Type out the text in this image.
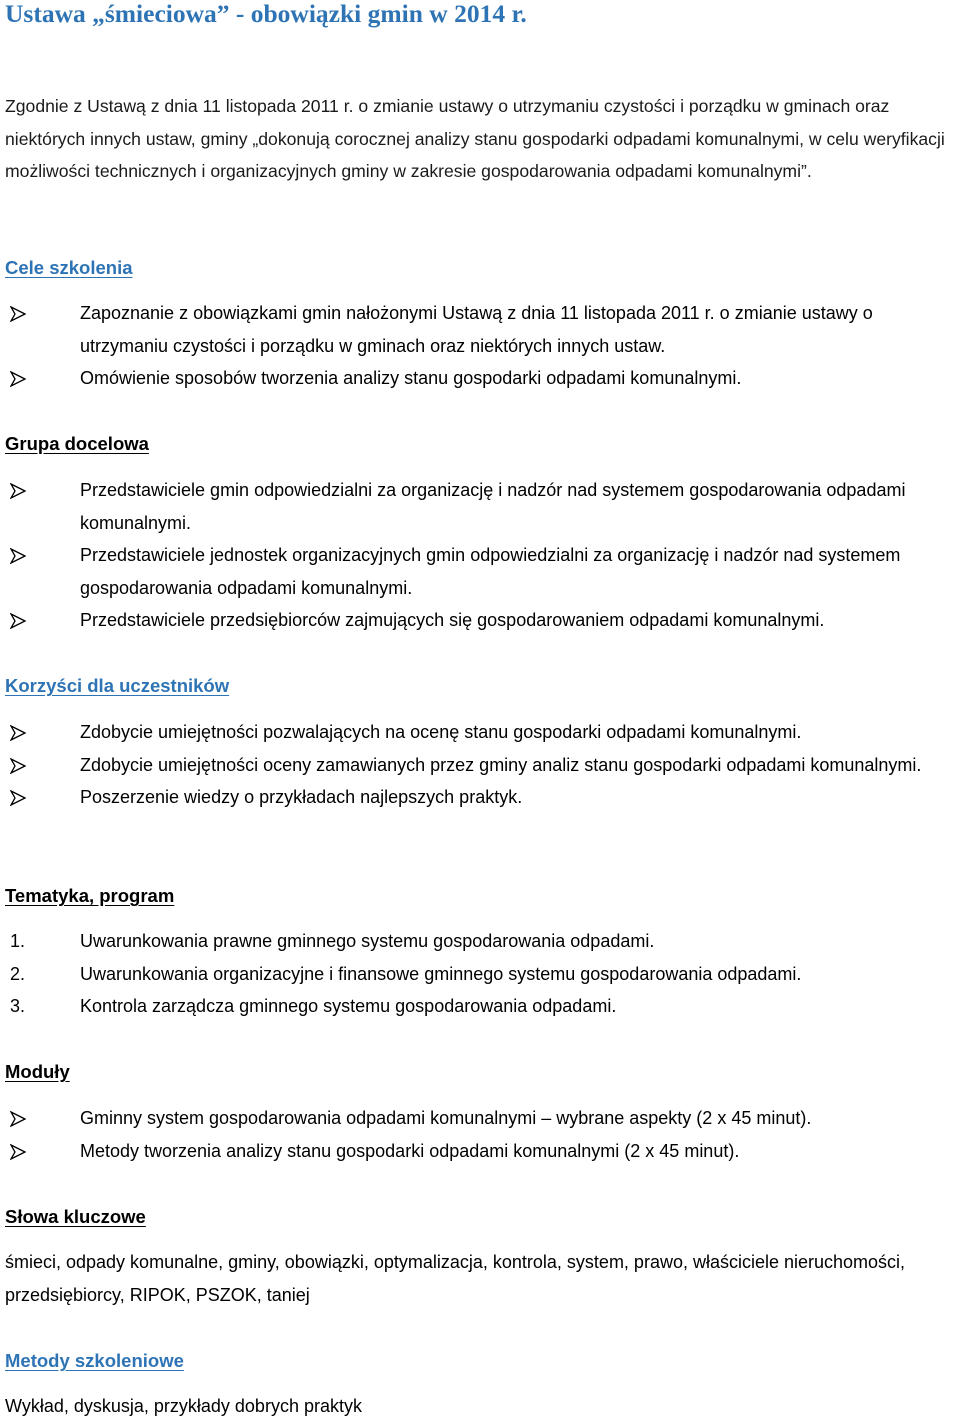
Ustawa „śmieciowa” - obowiązki gmin w 2014 r.

Zgodnie z Ustawą z dnia 11 listopada 2011 r. o zmianie ustawy o utrzymaniu czystości i porządku w gminach oraz niektórych innych ustaw, gminy „dokonują corocznej analizy stanu gospodarki odpadami komunalnymi, w celu weryfikacji możliwości technicznych i organizacyjnych gminy w zakresie gospodarowania odpadami komunalnymi”.

Cele szkolenia
Zapoznanie z obowiązkami gmin nałożonymi Ustawą z dnia 11 listopada 2011 r. o zmianie ustawy o utrzymaniu czystości i porządku w gminach oraz niektórych innych ustaw.
Omówienie sposobów tworzenia analizy stanu gospodarki odpadami komunalnymi.
Grupa docelowa
Przedstawiciele gmin odpowiedzialni za organizację i nadzór nad systemem gospodarowania odpadami komunalnymi.
Przedstawiciele jednostek organizacyjnych gmin odpowiedzialni za organizację i nadzór nad systemem gospodarowania odpadami komunalnymi.
Przedstawiciele przedsiębiorców zajmujących się gospodarowaniem odpadami komunalnymi.
Korzyści dla uczestników
Zdobycie umiejętności pozwalających na ocenę stanu gospodarki odpadami komunalnymi.
Zdobycie umiejętności oceny zamawianych przez gminy analiz stanu gospodarki odpadami komunalnymi.
Poszerzenie wiedzy o przykładach najlepszych praktyk.
Tematyka, program
1.	Uwarunkowania prawne gminnego systemu gospodarowania odpadami.
2.	Uwarunkowania organizacyjne i finansowe gminnego systemu gospodarowania odpadami.
3.	Kontrola zarządcza gminnego systemu gospodarowania odpadami.
Moduły
Gminny system gospodarowania odpadami komunalnymi – wybrane aspekty (2 x 45 minut).
Metody tworzenia analizy stanu gospodarki odpadami komunalnymi (2 x 45 minut).
Słowa kluczowe

śmieci, odpady komunalne, gminy, obowiązki, optymalizacja, kontrola, system, prawo, właściciele nieruchomości, przedsiębiorcy, RIPOK, PSZOK, taniej

Metody szkoleniowe

Wykład, dyskusja, przykłady dobrych praktyk
